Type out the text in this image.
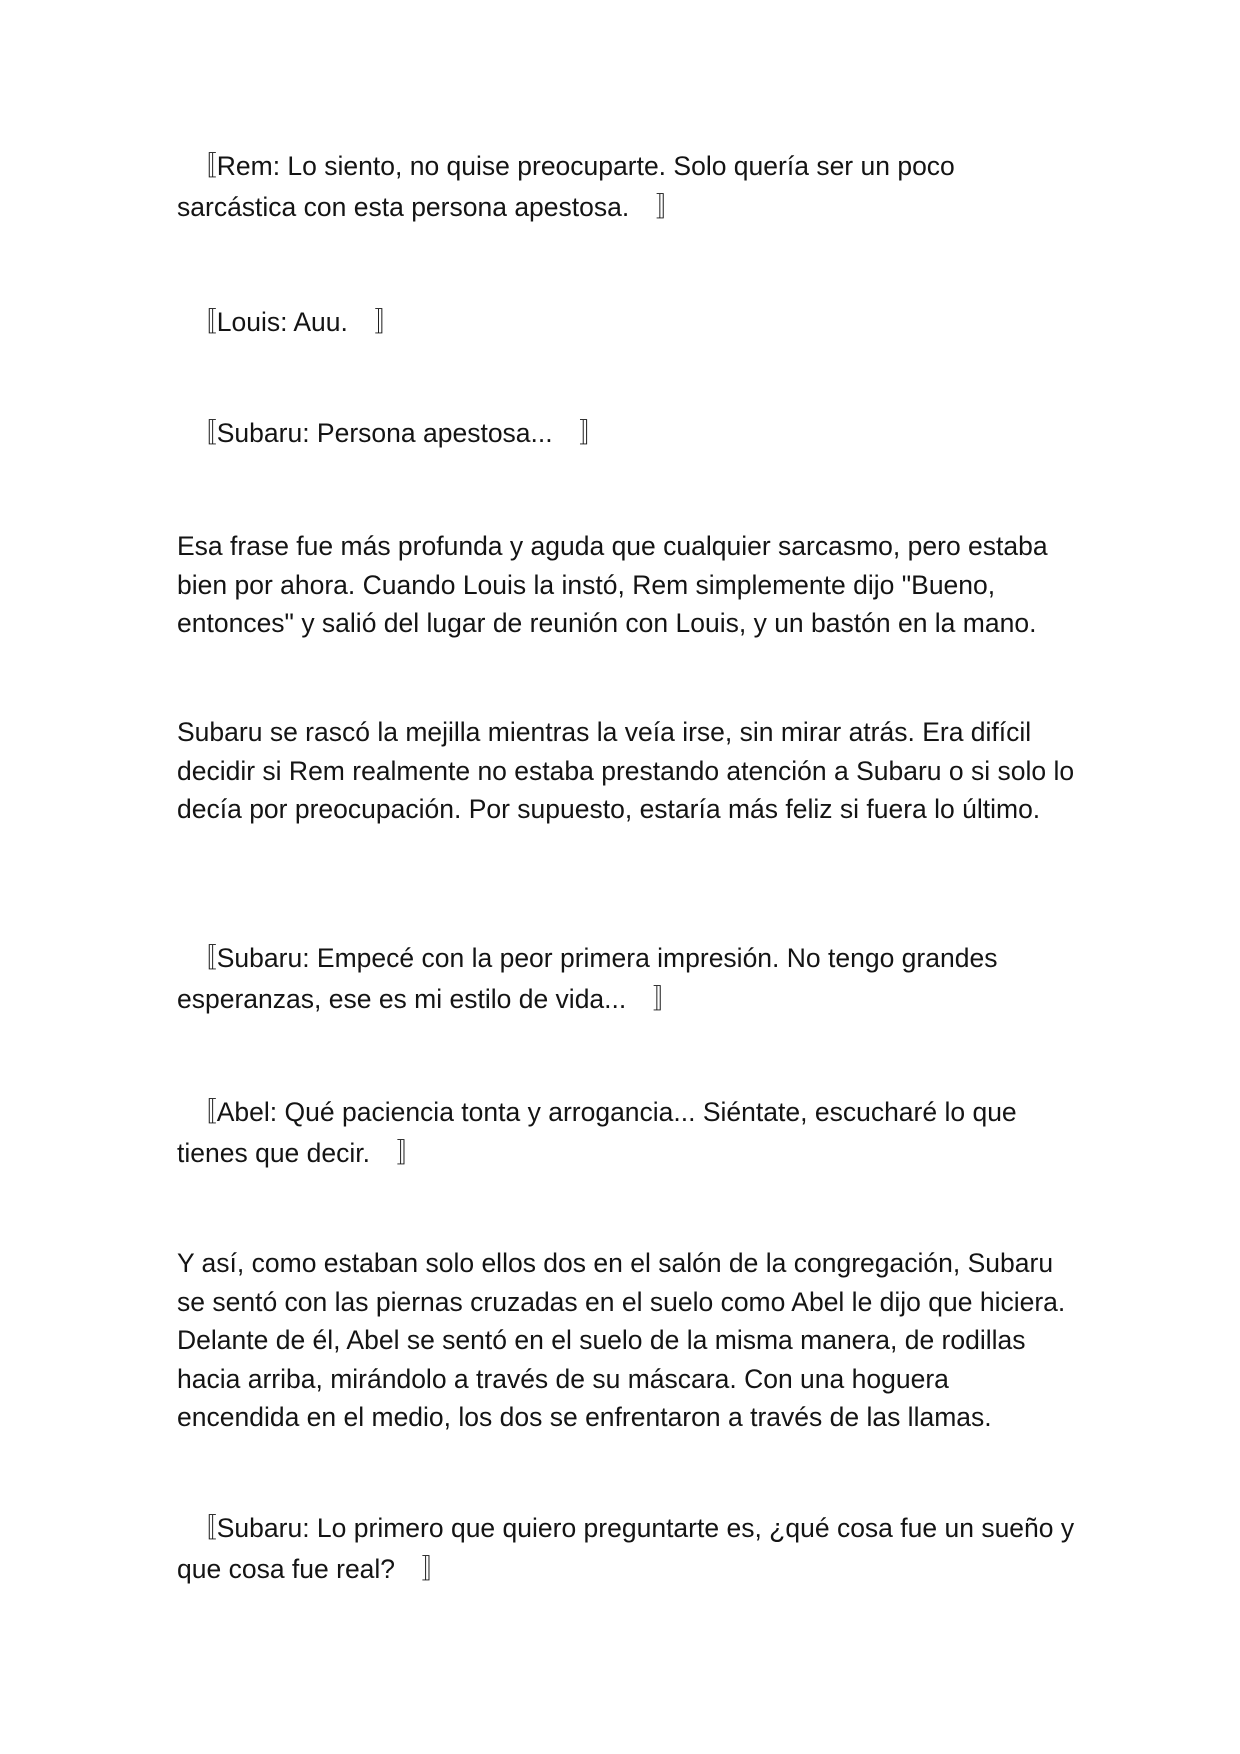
　〚Rem: Lo siento, no quise preocuparte. Solo quería ser un poco sarcástica con esta persona apestosa.　〛

　〚Louis: Auu.　〛

　〚Subaru: Persona apestosa...　〛

Esa frase fue más profunda y aguda que cualquier sarcasmo, pero estaba bien por ahora. Cuando Louis la instó, Rem simplemente dijo "Bueno, entonces" y salió del lugar de reunión con Louis, y un bastón en la mano.

Subaru se rascó la mejilla mientras la veía irse, sin mirar atrás. Era difícil decidir si Rem realmente no estaba prestando atención a Subaru o si solo lo decía por preocupación. Por supuesto, estaría más feliz si fuera lo último.

　〚Subaru: Empecé con la peor primera impresión. No tengo grandes esperanzas, ese es mi estilo de vida...　〛

　〚Abel: Qué paciencia tonta y arrogancia... Siéntate, escucharé lo que tienes que decir.　〛

Y así, como estaban solo ellos dos en el salón de la congregación, Subaru se sentó con las piernas cruzadas en el suelo como Abel le dijo que hiciera. Delante de él, Abel se sentó en el suelo de la misma manera, de rodillas hacia arriba, mirándolo a través de su máscara. Con una hoguera encendida en el medio, los dos se enfrentaron a través de las llamas.

　〚Subaru: Lo primero que quiero preguntarte es, ¿qué cosa fue un sueño y que cosa fue real?　〛
